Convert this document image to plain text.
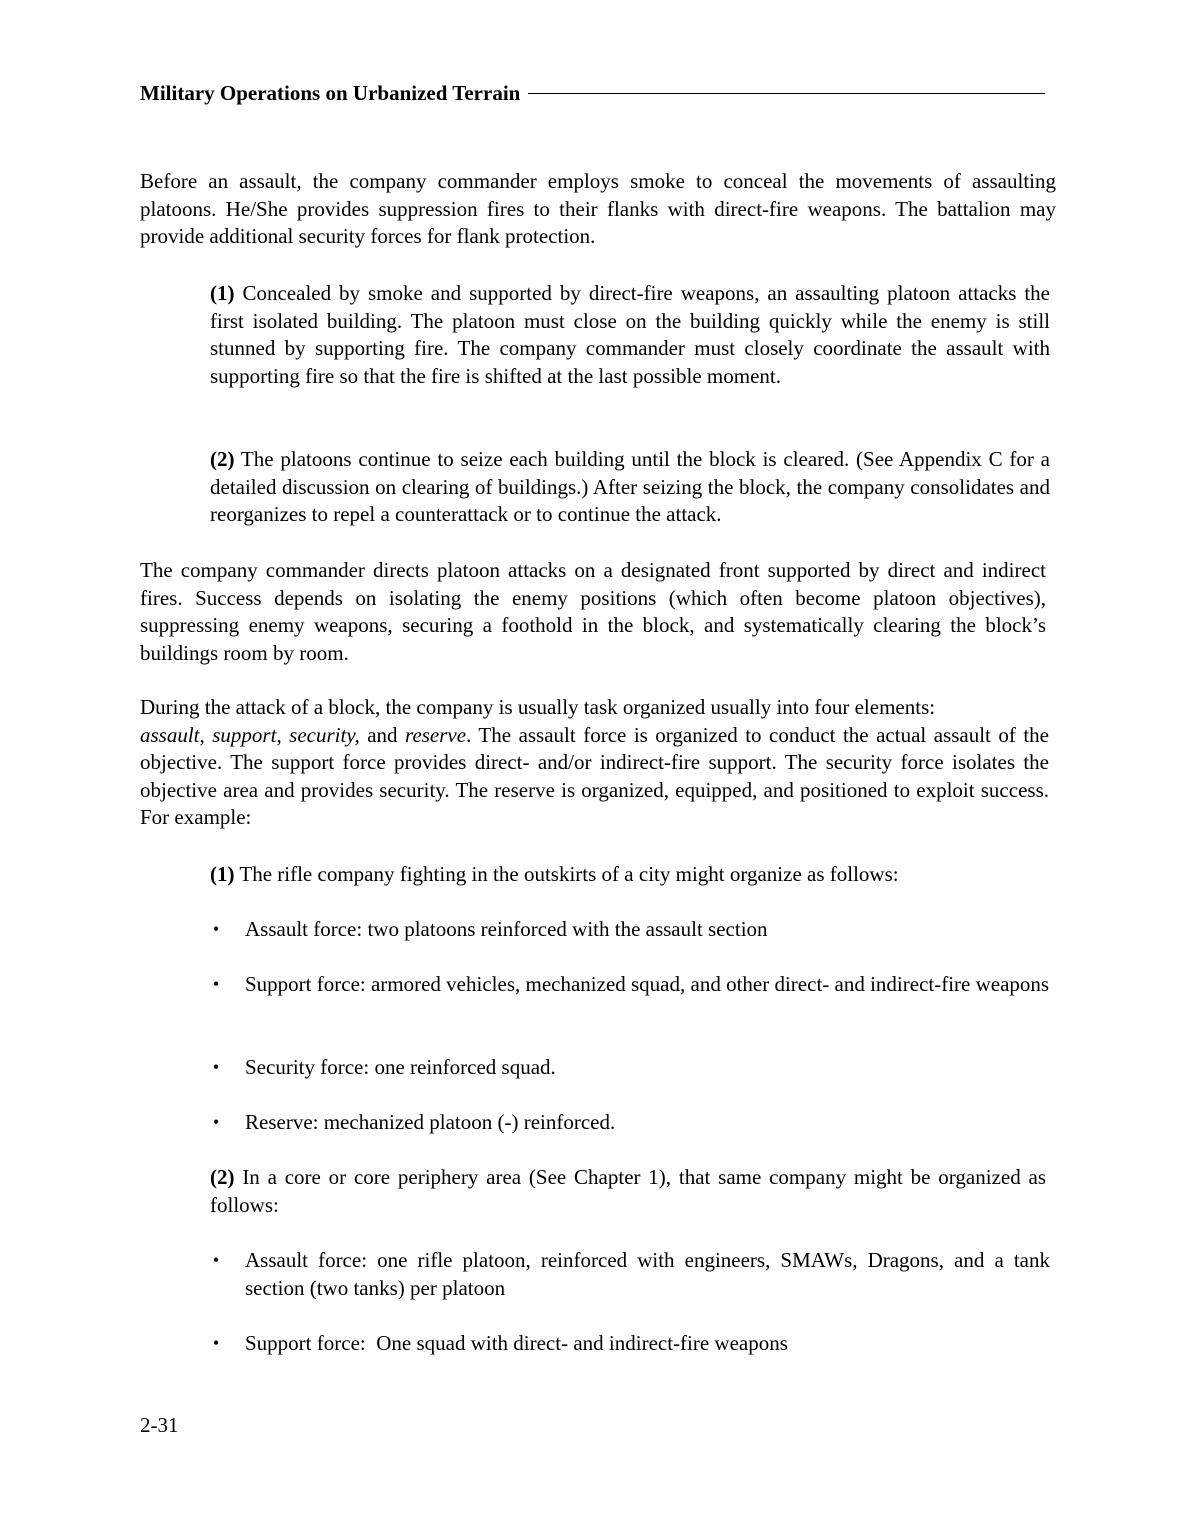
Military Operations on Urbanized Terrain

Before an assault, the company commander employs smoke to conceal the movements of assaulting platoons. He/She provides suppression fires to their flanks with direct-fire weapons. The battalion may provide additional security forces for flank protection.

(1) Concealed by smoke and supported by direct-fire weapons, an assaulting platoon attacks the first isolated building. The platoon must close on the building quickly while the enemy is still stunned by supporting fire. The company commander must closely coordinate the assault with supporting fire so that the fire is shifted at the last possible moment.

(2) The platoons continue to seize each building until the block is cleared. (See Appendix C for a detailed discussion on clearing of buildings.) After seizing the block, the company consolidates and reorganizes to repel a counterattack or to continue the attack.

The company commander directs platoon attacks on a designated front supported by direct and indirect fires. Success depends on isolating the enemy positions (which often become platoon objectives), suppressing enemy weapons, securing a foothold in the block, and systematically clearing the block’s buildings room by room.

During the attack of a block, the company is usually task organized usually into four elements:
assault, support, security, and reserve. The assault force is organized to conduct the actual assault of the objective. The support force provides direct- and/or indirect-fire support. The security force isolates the objective area and provides security. The reserve is organized, equipped, and positioned to exploit success. For example:

(1) The rifle company fighting in the outskirts of a city might organize as follows:

• Assault force: two platoons reinforced with the assault section
• Support force: armored vehicles, mechanized squad, and other direct- and indirect-fire weapons
• Security force: one reinforced squad.
• Reserve: mechanized platoon (-) reinforced.

(2) In a core or core periphery area (See Chapter 1), that same company might be organized as follows:

• Assault force: one rifle platoon, reinforced with engineers, SMAWs, Dragons, and a tank section (two tanks) per platoon
• Support force:  One squad with direct- and indirect-fire weapons
2-31
